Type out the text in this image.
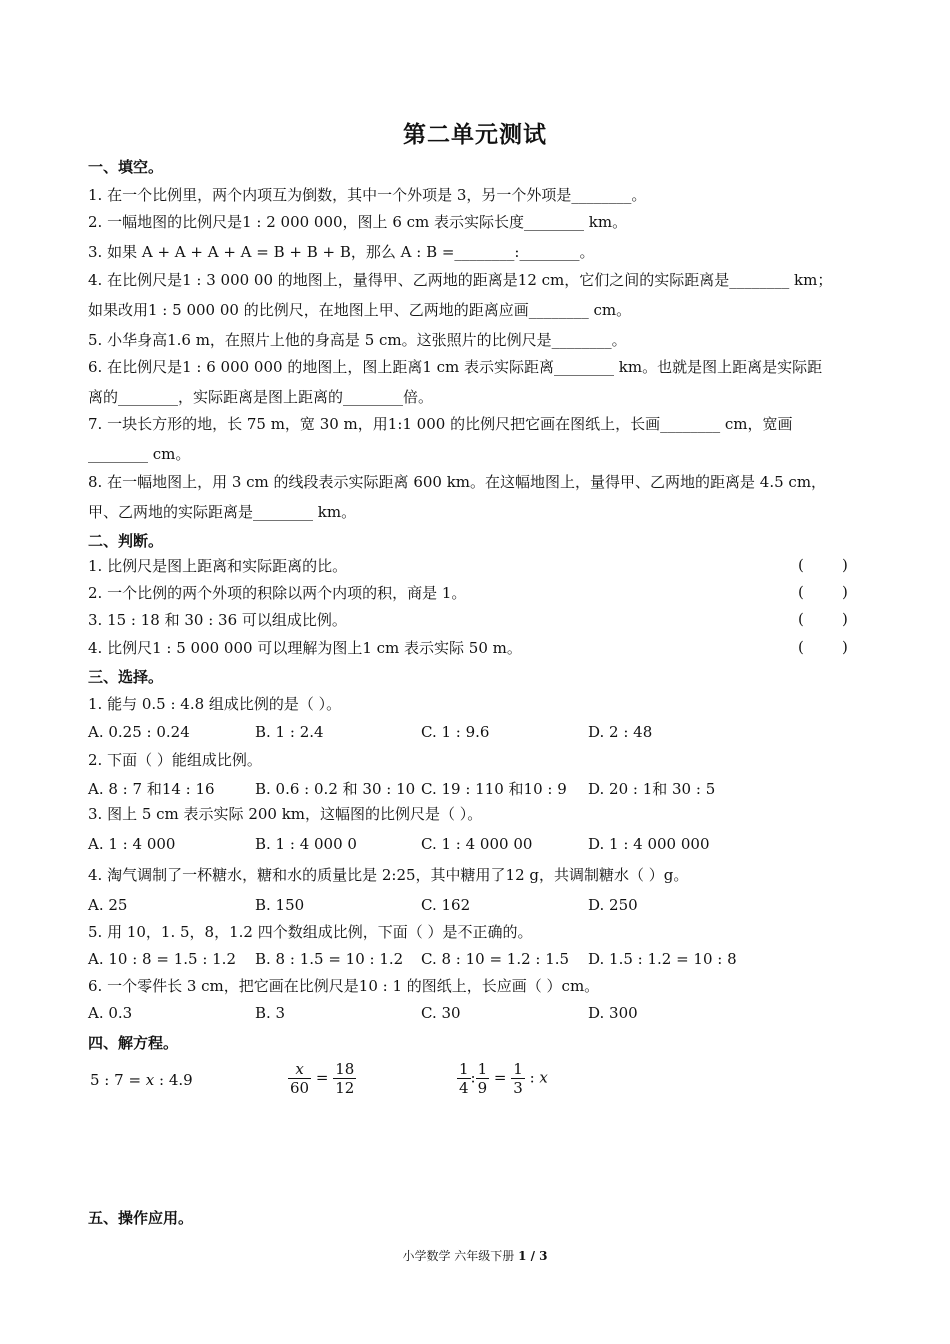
第二单元测试
一、填空。
1. 在一个比例里，两个内项互为倒数，其中一个外项是 3，另一个外项是________。
2. 一幅地图的比例尺是1 : 2 000 000，图上 6 cm 表示实际长度________ km。
3. 如果 A + A + A + A = B + B + B，那么 A : B =________:________。
4. 在比例尺是1 : 3 000 00 的地图上，量得甲、乙两地的距离是12 cm，它们之间的实际距离是________ km；
如果改用1 : 5 000 00 的比例尺，在地图上甲、乙两地的距离应画________ cm。
5. 小华身高1.6 m，在照片上他的身高是 5 cm。这张照片的比例尺是________。
6. 在比例尺是1 : 6 000 000 的地图上，图上距离1 cm 表示实际距离________ km。也就是图上距离是实际距
离的________，实际距离是图上距离的________倍。
7. 一块长方形的地，长 75 m，宽 30 m，用1:1 000 的比例尺把它画在图纸上，长画________ cm，宽画
________ cm。
8. 在一幅地图上，用 3 cm 的线段表示实际距离 600 km。在这幅地图上，量得甲、乙两地的距离是 4.5 cm，
甲、乙两地的实际距离是________ km。
二、判断。
1. 比例尺是图上距离和实际距离的比。	(        )
2. 一个比例的两个外项的积除以两个内项的积，商是 1。	(        )
3. 15 : 18 和 30 : 36 可以组成比例。	(        )
4. 比例尺1 : 5 000 000 可以理解为图上1 cm 表示实际 50 m。	(        )
三、选择。
1. 能与 0.5 : 4.8 组成比例的是（ ）。
A. 0.25 : 0.24	B. 1 : 2.4	C. 1 : 9.6	D. 2 : 48
2. 下面（ ）能组成比例。
A. 8 : 7 和14 : 16	B. 0.6 : 0.2 和 30 : 10 C. 19 : 110 和10 : 9 D. 20 : 1和 30 : 5
3. 图上 5 cm 表示实际 200 km，这幅图的比例尺是（ ）。
A. 1 : 4 000	B. 1 : 4 000 0	C. 1 : 4 000 00	D. 1 : 4 000 000
4. 淘气调制了一杯糖水，糖和水的质量比是 2:25，其中糖用了12 g，共调制糖水（ ）g。
A. 25	B. 150	C. 162	D. 250
5. 用 10，1. 5，8，1.2 四个数组成比例，下面（ ）是不正确的。
A. 10 : 8 = 1.5 : 1.2 B. 8 : 1.5 = 10 : 1.2 C. 8 : 10 = 1.2 : 1.5 D. 1.5 : 1.2 = 10 : 8
6. 一个零件长 3 cm，把它画在比例尺是10 : 1 的图纸上，长应画（ ）cm。
A. 0.3	B. 3	C. 30	D. 300
四、解方程。
5 : 7 = x : 4.9	$\frac{x}{60} = \frac{18}{12}$	$\frac{1}{4}$ : $\frac{1}{9} = \frac{1}{3}$ : x
五、操作应用。
小学数学 六年级下册 1 / 3
